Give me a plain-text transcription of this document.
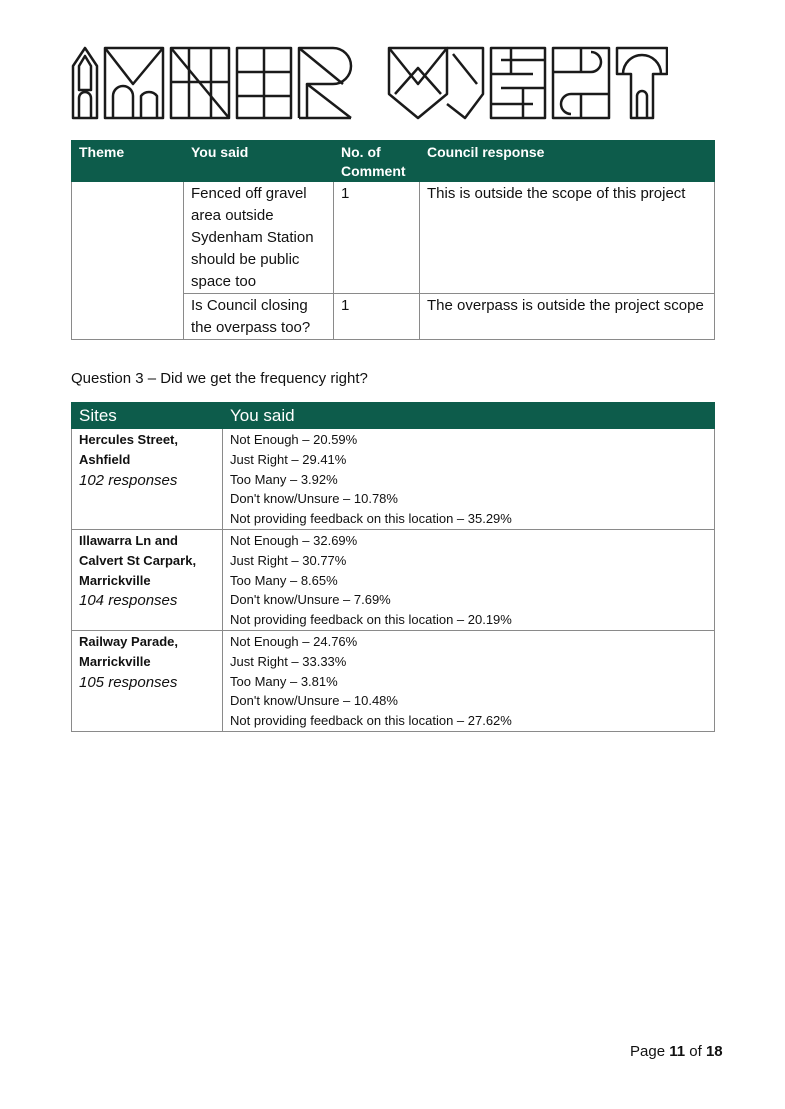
Theme	You said	No. of Comment	Council response
	Fenced off gravel area outside Sydenham Station should be public space too	1	This is outside the scope of this project
	Is Council closing the overpass too?	1	The overpass is outside the project scope
Question 3 – Did we get the frequency right?
Sites	You said

Hercules Street, Ashfield
102 responses	Not Enough – 20.59%
Just Right – 29.41%
Too Many – 3.92%
Don't know/Unsure – 10.78%
Not providing feedback on this location – 35.29%

Illawarra Ln and Calvert St Carpark, Marrickville
104 responses	Not Enough – 32.69%
Just Right – 30.77%
Too Many – 8.65%
Don't know/Unsure – 7.69%
Not providing feedback on this location – 20.19%

Railway Parade, Marrickville
105 responses	Not Enough – 24.76%
Just Right – 33.33%
Too Many – 3.81%
Don't know/Unsure – 10.48%
Not providing feedback on this location – 27.62%
Page 11 of 18
